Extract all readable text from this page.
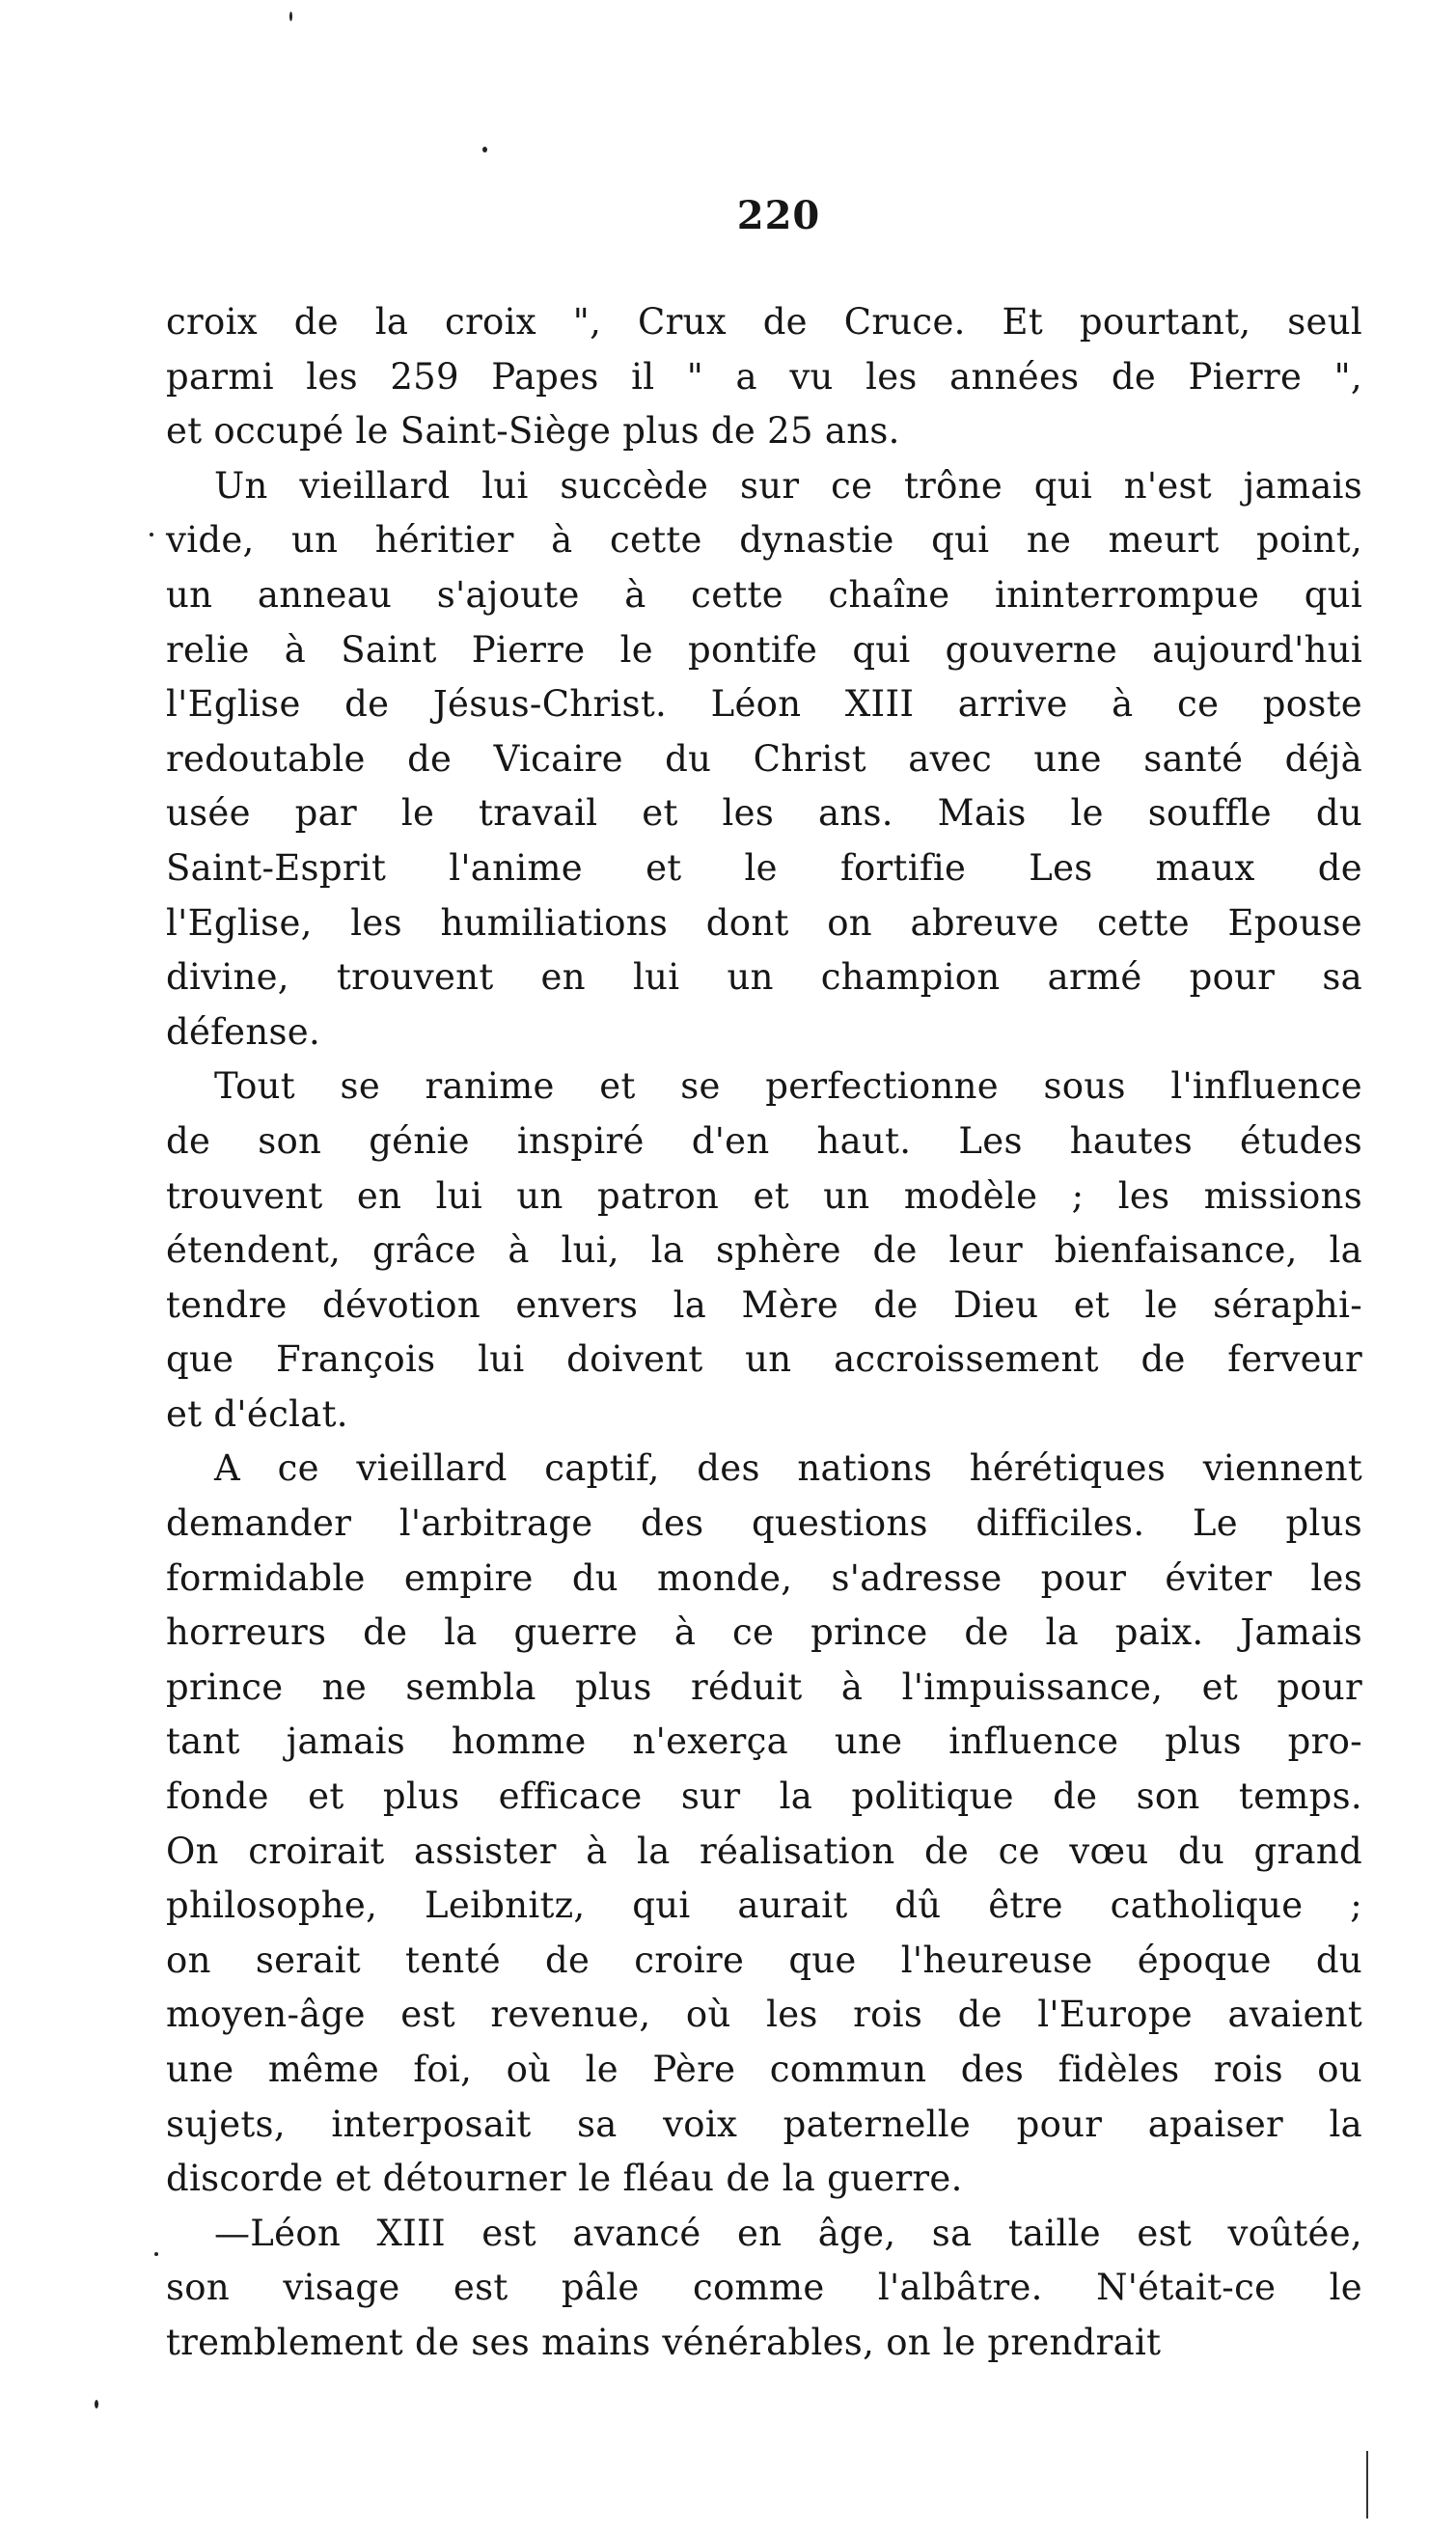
220

croix de la croix ", Crux de Cruce. Et pourtant, seul
parmi les 259 Papes il " a vu les années de Pierre ",
et occupé le Saint-Siège plus de 25 ans.

Un vieillard lui succède sur ce trône qui n'est jamais
vide, un héritier à cette dynastie qui ne meurt point,
un anneau s'ajoute à cette chaîne ininterrompue qui
relie à Saint Pierre le pontife qui gouverne aujourd'hui
l'Eglise de Jésus-Christ. Léon XIII arrive à ce poste
redoutable de Vicaire du Christ avec une santé déjà
usée par le travail et les ans. Mais le souffle du
Saint-Esprit l'anime et le fortifie Les maux de
l'Eglise, les humiliations dont on abreuve cette Epouse
divine, trouvent en lui un champion armé pour sa
défense.

Tout se ranime et se perfectionne sous l'influence
de son génie inspiré d'en haut. Les hautes études
trouvent en lui un patron et un modèle ; les missions
étendent, grâce à lui, la sphère de leur bienfaisance, la
tendre dévotion envers la Mère de Dieu et le séraphi-
que François lui doivent un accroissement de ferveur
et d'éclat.

A ce vieillard captif, des nations hérétiques viennent
demander l'arbitrage des questions difficiles. Le plus
formidable empire du monde, s'adresse pour éviter les
horreurs de la guerre à ce prince de la paix. Jamais
prince ne sembla plus réduit à l'impuissance, et pour
tant jamais homme n'exerça une influence plus pro-
fonde et plus efficace sur la politique de son temps.
On croirait assister à la réalisation de ce vœu du grand
philosophe, Leibnitz, qui aurait dû être catholique ;
on serait tenté de croire que l'heureuse époque du
moyen-âge est revenue, où les rois de l'Europe avaient
une même foi, où le Père commun des fidèles rois ou
sujets, interposait sa voix paternelle pour apaiser la
discorde et détourner le fléau de la guerre.

—Léon XIII est avancé en âge, sa taille est voûtée,
son visage est pâle comme l'albâtre. N'était-ce le
tremblement de ses mains vénérables, on le prendrait
